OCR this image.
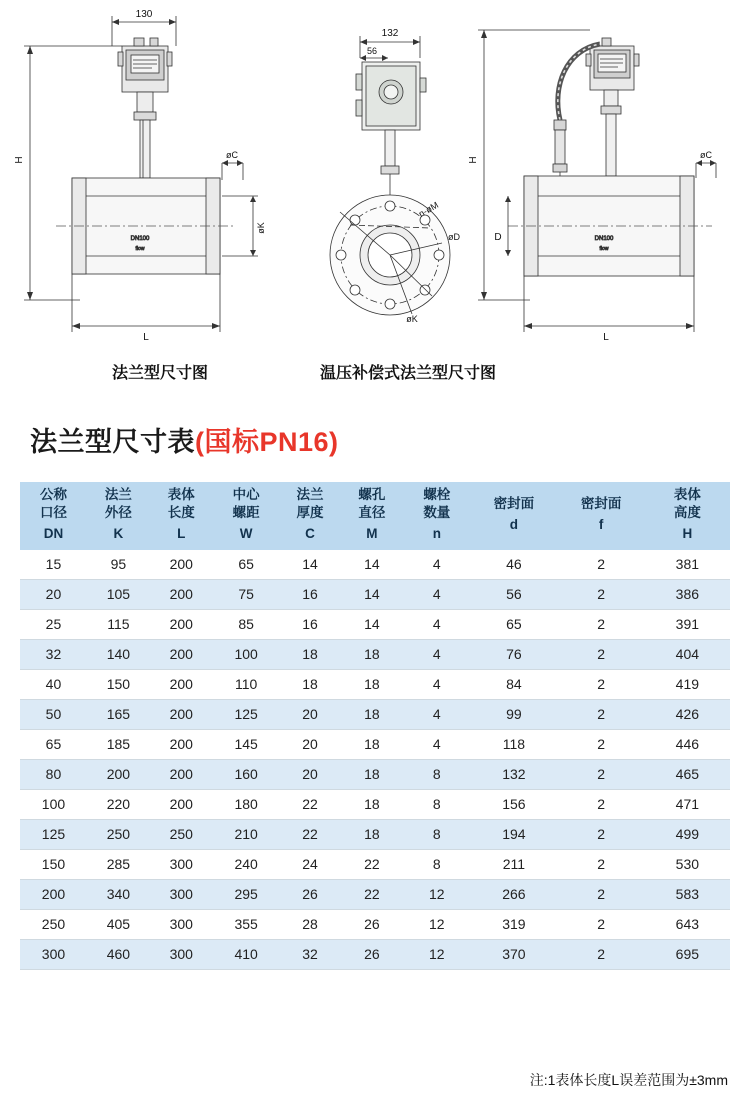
DN100
flow
DN100
flow
130
H
L
øC
øK
132
56
øD
øK
n-øM
H
D
L
øC
法兰型尺寸图	温压补偿式法兰型尺寸图
法兰型尺寸表(国标PN16)
公称
口径
DN	法兰
外径
K	表体
长度
L	中心
螺距
W	法兰
厚度
C	螺孔
直径
M	螺栓
数量
n	密封面
d	密封面
f	表体
高度
H

15	95	200	65	14	14	4	46	2	381
20	105	200	75	16	14	4	56	2	386
25	115	200	85	16	14	4	65	2	391
32	140	200	100	18	18	4	76	2	404
40	150	200	110	18	18	4	84	2	419
50	165	200	125	20	18	4	99	2	426
65	185	200	145	20	18	4	118	2	446
80	200	200	160	20	18	8	132	2	465
100	220	200	180	22	18	8	156	2	471
125	250	250	210	22	18	8	194	2	499
150	285	300	240	24	22	8	211	2	530
200	340	300	295	26	22	12	266	2	583
250	405	300	355	28	26	12	319	2	643
300	460	300	410	32	26	12	370	2	695
注:1表体长度L误差范围为±3mm
